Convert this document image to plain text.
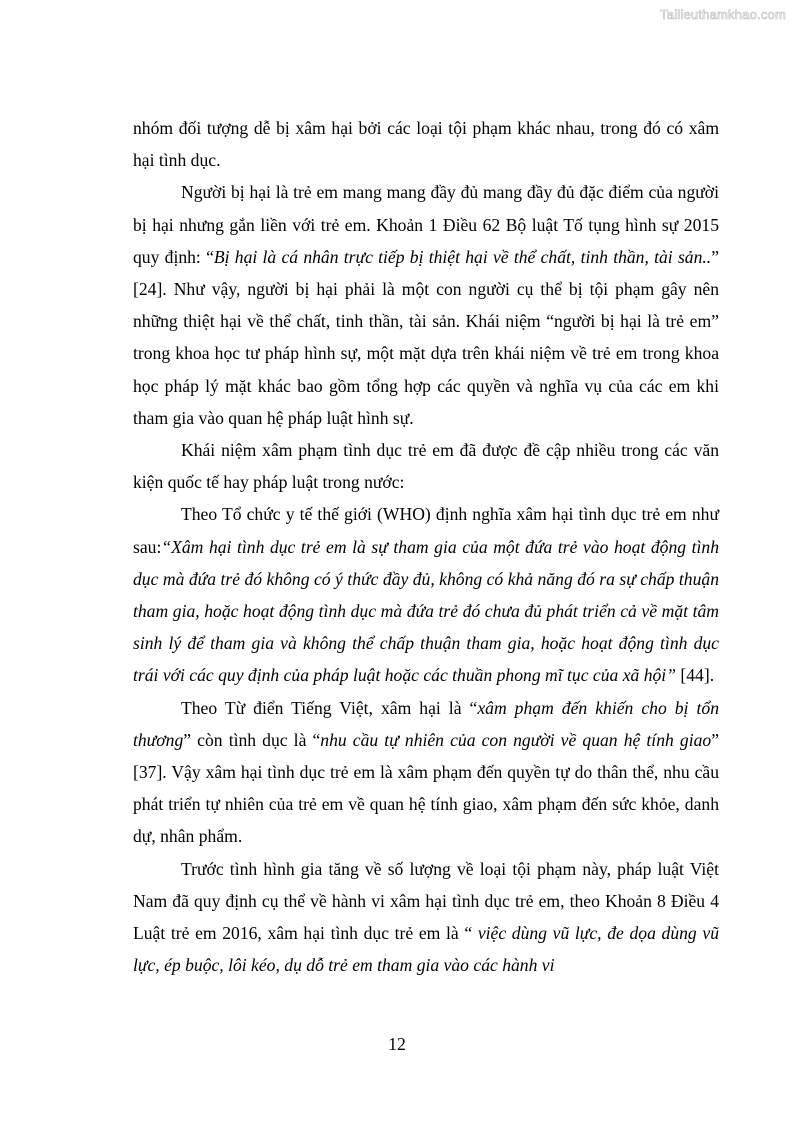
Tailieuthamkhao.com

nhóm đối tượng dễ bị xâm hại bởi các loại tội phạm khác nhau, trong đó có xâm hại tình dục.

Người bị hại là trẻ em mang mang đầy đủ mang đầy đủ đặc điểm của người bị hại nhưng gắn liền với trẻ em. Khoản 1 Điều 62 Bộ luật Tố tụng hình sự 2015 quy định: “Bị hại là cá nhân trực tiếp bị thiệt hại về thể chất, tinh thần, tài sản..” [24]. Như vậy, người bị hại phải là một con người cụ thể bị tội phạm gây nên những thiệt hại về thể chất, tinh thần, tài sản. Khái niệm “người bị hại là trẻ em” trong khoa học tư pháp hình sự, một mặt dựa trên khái niệm về trẻ em trong khoa học pháp lý mặt khác bao gồm tổng hợp các quyền và nghĩa vụ của các em khi tham gia vào quan hệ pháp luật hình sự.

Khái niệm xâm phạm tình dục trẻ em đã được đề cập nhiều trong các văn kiện quốc tế hay pháp luật trong nước:

Theo Tổ chức y tế thế giới (WHO) định nghĩa xâm hại tình dục trẻ em như sau:“Xâm hại tình dục trẻ em là sự tham gia của một đứa trẻ vào hoạt động tình dục mà đứa trẻ đó không có ý thức đầy đủ, không có khả năng đó ra sự chấp thuận tham gia, hoặc hoạt động tình dục mà đứa trẻ đó chưa đủ phát triển cả về mặt tâm sinh lý để tham gia và không thể chấp thuận tham gia, hoặc hoạt động tình dục trái với các quy định của pháp luật hoặc các thuần phong mĩ tục của xã hội” [44].

Theo Từ điển Tiếng Việt, xâm hại là “xâm phạm đến khiến cho bị tổn thương” còn tình dục là “nhu cầu tự nhiên của con người về quan hệ tính giao” [37]. Vậy xâm hại tình dục trẻ em là xâm phạm đến quyền tự do thân thể, nhu cầu phát triển tự nhiên của trẻ em về quan hệ tính giao, xâm phạm đến sức khỏe, danh dự, nhân phẩm.

Trước tình hình gia tăng về số lượng về loại tội phạm này, pháp luật Việt Nam đã quy định cụ thể về hành vi xâm hại tình dục trẻ em, theo Khoản 8 Điều 4 Luật trẻ em 2016, xâm hại tình dục trẻ em là “ việc dùng vũ lực, đe dọa dùng vũ lực, ép buộc, lôi kéo, dụ dỗ trẻ em tham gia vào các hành vi

12
